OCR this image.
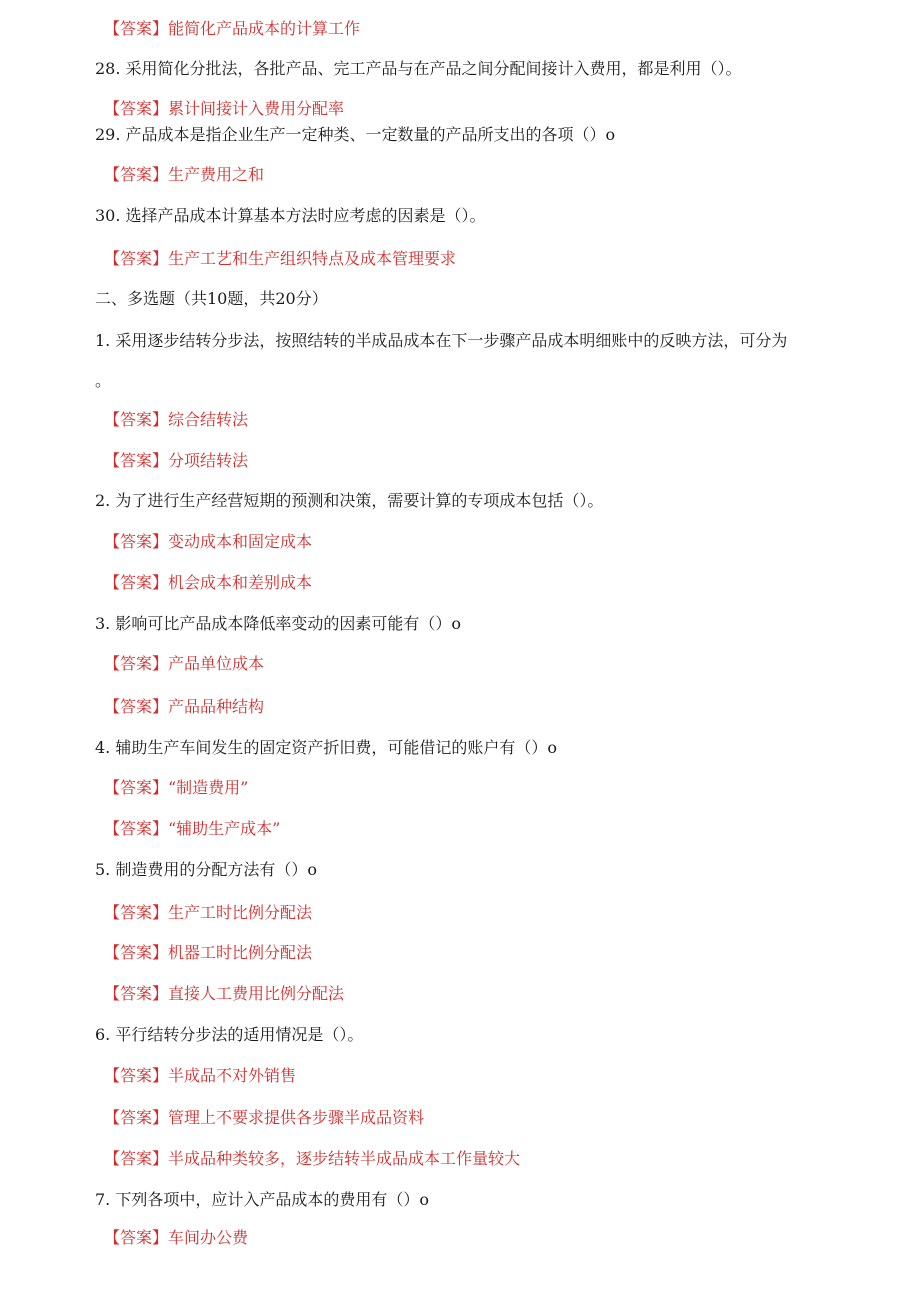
【答案】能简化产品成本的计算工作
28. 采用简化分批法，各批产品、完工产品与在产品之间分配间接计入费用，都是利用（）。
【答案】累计间接计入费用分配率
29. 产品成本是指企业生产一定种类、一定数量的产品所支出的各项（）o
【答案】生产费用之和
30. 选择产品成本计算基本方法时应考虑的因素是（）。
【答案】生产工艺和生产组织特点及成本管理要求
二、多选题（共10题，共20分）
1. 采用逐步结转分步法，按照结转的半成品成本在下一步骤产品成本明细账中的反映方法，可分为
。
【答案】综合结转法
【答案】分项结转法
2. 为了进行生产经营短期的预测和决策，需要计算的专项成本包括（）。
【答案】变动成本和固定成本
【答案】机会成本和差别成本
3. 影响可比产品成本降低率变动的因素可能有（）o
【答案】产品单位成本
【答案】产品品种结构
4. 辅助生产车间发生的固定资产折旧费，可能借记的账户有（）o
【答案】“制造费用”
【答案】“辅助生产成本”
5. 制造费用的分配方法有（）o
【答案】生产工时比例分配法
【答案】机器工时比例分配法
【答案】直接人工费用比例分配法
6. 平行结转分步法的适用情况是（）。
【答案】半成品不对外销售
【答案】管理上不要求提供各步骤半成品资料
【答案】半成品种类较多，逐步结转半成品成本工作量较大
7. 下列各项中，应计入产品成本的费用有（）o
【答案】车间办公费
